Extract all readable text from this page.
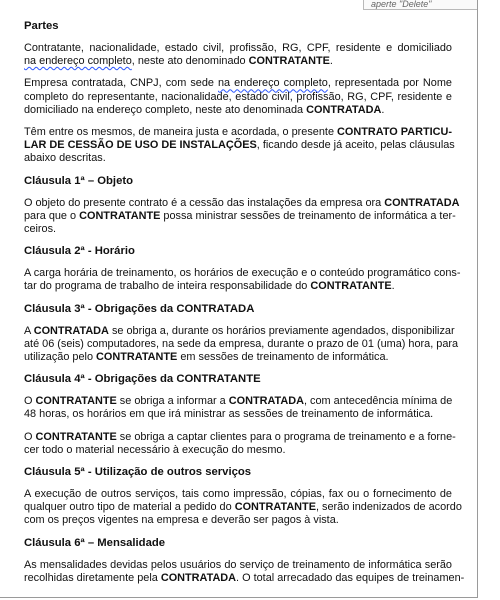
aperte "Delete"
Partes
Contratante, nacionalidade, estado civil, profissão, RG, CPF, residente e domiciliado
na endereço completo, neste ato denominado CONTRATANTE.
Empresa contratada, CNPJ, com sede na endereço completo, representada por Nome
completo do representante, nacionalidade, estado civil, profissão, RG, CPF, residente e
domiciliado na endereço completo, neste ato denominada CONTRATADA.
Têm entre os mesmos, de maneira justa e acordada, o presente CONTRATO PARTICU-
LAR DE CESSÃO DE USO DE INSTALAÇÕES, ficando desde já aceito, pelas cláusulas
abaixo descritas.
Cláusula 1ª – Objeto
O objeto do presente contrato é a cessão das instalações da empresa ora CONTRATADA
para que o CONTRATANTE possa ministrar sessões de treinamento de informática a ter-
ceiros.
Cláusula 2ª - Horário
A carga horária de treinamento, os horários de execução e o conteúdo programático cons-
tar do programa de trabalho de inteira responsabilidade do CONTRATANTE.
Cláusula 3ª - Obrigações da CONTRATADA
A CONTRATADA se obriga a, durante os horários previamente agendados, disponibilizar
até 06 (seis) computadores, na sede da empresa, durante o prazo de 01 (uma) hora, para
utilização pelo CONTRATANTE em sessões de treinamento de informática.
Cláusula 4ª - Obrigações da CONTRATANTE
O CONTRATANTE se obriga a informar a CONTRATADA, com antecedência mínima de
48 horas, os horários em que irá ministrar as sessões de treinamento de informática.
O CONTRATANTE se obriga a captar clientes para o programa de treinamento e a forne-
cer todo o material necessário à execução do mesmo.
Cláusula 5ª - Utilização de outros serviços
A execução de outros serviços, tais como impressão, cópias, fax ou o fornecimento de
qualquer outro tipo de material a pedido do CONTRATANTE, serão indenizados de acordo
com os preços vigentes na empresa e deverão ser pagos à vista.
Cláusula 6ª – Mensalidade
As mensalidades devidas pelos usuários do serviço de treinamento de informática serão
recolhidas diretamente pela CONTRATADA. O total arrecadado das equipes de treinamen-
